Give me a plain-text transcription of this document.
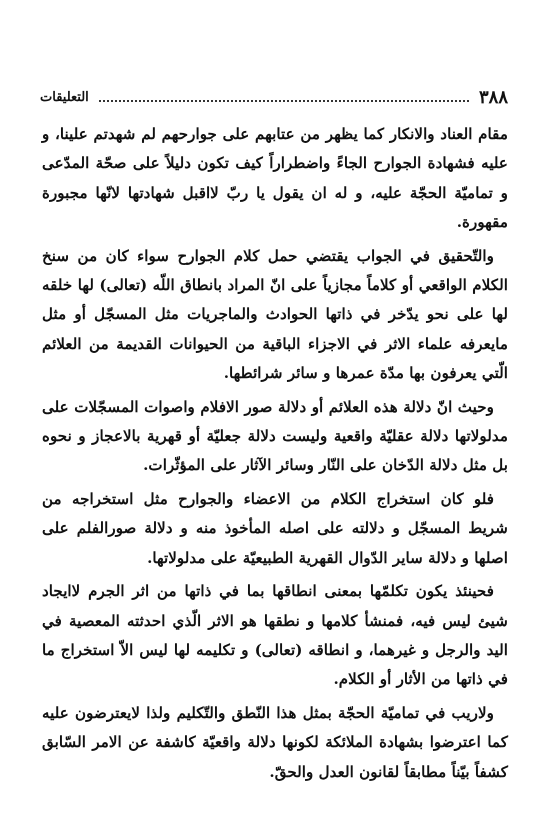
٣٨٨
التعليقات

مقام العناد والانكار كما يظهر من عتابهم على جوارحهم لم شهدتم علينا، و عليه فشهادة الجوارح الجاءً واضطراراً كيف تكون دليلاً على صحّة المدّعى و تماميّة الحجّة عليه، و له ان يقول يا ربّ لااقبل شهادتها لانّها مجبورة مقهورة.

والتّحقيق في الجواب يقتضي حمل كلام الجوارح سواء كان من سنخ الكلام الواقعي أو كلاماً مجازياً على انّ المراد بانطاق اللّه (تعالى) لها خلقه لها على نحو يدّخر في ذاتها الحوادث والماجريات مثل المسجّل أو مثل مايعرفه علماء الاثر في الاجزاء الباقية من الحيوانات القديمة من العلائم الّتي يعرفون بها مدّة عمرها و سائر شرائطها.

وحيث انّ دلالة هذه العلائم أو دلالة صور الافلام واصوات المسجّلات على مدلولاتها دلالة عقليّة واقعية وليست دلالة جعليّة أو قهرية بالاعجاز و نحوه بل مثل دلالة الدّخان على النّار وسائر الآثار على المؤثّرات.

فلو كان استخراج الكلام من الاعضاء والجوارح مثل استخراجه من شريط المسجّل و دلالته على اصله المأخوذ منه و دلالة صورالفلم على اصلها و دلالة ساير الدّوال القهرية الطبيعيّة على مدلولاتها.

فحينئذ يكون تكلمّها بمعنى انطاقها بما في ذاتها من اثر الجرم لاايجاد شيئ ليس فيه، فمنشأ كلامها و نطقها هو الاثر الّذي احدثته المعصية في اليد والرجل و غيرهما، و انطاقه (تعالى) و تكليمه لها ليس الاّ استخراج ما في ذاتها من الأثار أو الكلام.

ولاريب في تماميّة الحجّة بمثل هذا النّطق والتّكليم ولذا لايعترضون عليه كما اعترضوا بشهادة الملائكة لكونها دلالة واقعيّة كاشفة عن الامر السّابق كشفاً بيّناً مطابقاً لقانون العدل والحقّ.
